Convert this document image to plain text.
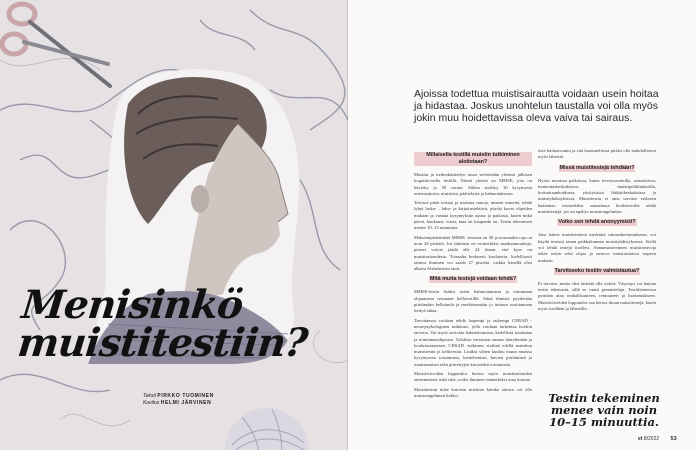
Menisinkö
muistitestiin?
Teksti PIRKKO TUOMINEN
Kuvitus HELMI JÄRVINEN
Ajoissa todettua muistisairautta voidaan usein hoitaa ja hidastaa. Joskus unohtelun taustalla voi olla myös jokin muu hoidettavissa oleva vaiva tai sairaus.
Millaisella testillä muistin tutkiminen aloitetaan?

Muistin ja tiedonkäsittelyn tasoa selvitetään yleensä julkisen kognitiivisella testillä. Näistä yleisin on MMSE, jota on käytetty jo 50 vuotta. Siihen sisältyy 30 kysymystä orientaatiosta, muistista, päättelystä ja hahmotuksesta.

Testissä pitää toistaa ja muistaa sanoja, nimetä esineitä, tehdä lyhyt lasku- , luku- ja kirjoitustehtävä, piirtää kuvio ohjeiden mukaan ja vastata kysymyksiin ajasta ja paikasta, kuten mikä päivä, kuukausi, vuosi, maa tai kaupunki on. Testin tekeminen menee 10–15 minuuttia.

Maksimipistemäärä MMSE -testissä on 30 ja normaalin raja on noin 24 pistettä. Jos ihminen on esimerkiksi maahanmuuttaja, pisteet voivat jäädä alle 24 ilman, että kyse on muistisairaudesta. Toisaalta korkeasti koulutettu, kielellisesti taitava ihminen voi saada 27 pistettä, vaikka hänellä olisi alkava Alzheimerin tauti.

Mitä muita testejä voidaan tehdä?

MMSE-testin lisäksi usein hahmottamista ja toiminnan ohjaamista testataan kellotestillä. Siinä ihmisiä pyydetään piirtämään kellotaulu ja merkitsemään jo tuttuun osoittamaan tiettyä aikaa.

Tarvittaessa voidaan tehdä laajempi ja tarkempi CERAD -neuropsykologinen tutkimus, jolla voidaan tarkentaa hoidon tarvetta. Voi myös arvioida hahmottamista, kielellistä toimintaa ja toiminnanohjausta. Tuloksia verrataan omaan ikäryhmään ja koulutustaustaan. CERAD -tutkimus sisältää edellä mainitun muistitestin ja kellotestin. Lisäksi siihen kuuluu muun muassa kysymysten toistamista, luettelemista, kuvien piirtämistä ja tunnistamista sekä piirrettyjen kuvioiden toistamista.

Muistiviivoiden lopputulos kertoo myös muistisairauden etenemisestä sekä siitä, voiko ihminen esimerkiksi asua kotona.

Muistitestiin tulee kotoisin miettien kuinka taitava voi olla muistiongelmien lisäksi.

tiste haittaavuutta ja sitä haastatellessa pitäisi olla mahdollisesti myös läheistä.

Missä muistitestejä tehdään?

Hyvin monissa paikoissa, kuten terveysasemilla, sairaaloissa, kuntoutuskeskuksissa, muistipoliklinikoilla, kotisairaanhoidossa, yksityisissä lääkärikeskuksissa ja muistiyhdistyksissä. Muistitestin ei aina tarvitse erikseen hakeutua; esimerkiksi sairaalassa hoidettavalle tehdä muistitestejä, jos on epäilys muistiongelmista.

Voiko sen tehdä anonyymisti?

Joist hakea muistitestissä merkintä sairauskertomukseen, voi käydä testissä oman paikkakunnan muistiyhdistyksessä. Siellä voi tehdä testejä itsellesi. Annamuistenimen muistineuvoja tekee testin sekä ohjaa ja neuvoo muistiasioissa tarpeen mukaan.

Tarvitseeko testiin valmistautua?

Ei tarvitse, mutta olisi tärkeää olla virkeä. Väsymys voi haitata testin tekemistä, sillä se vaatii ponnisteluja. Testitilanteessa pyritään aina rauhallisuuteen, rentouteen ja luottamukseen. Muistiviiveiden lopputulos saa kertoa ilman muistitestejä, kuten myös itsellään ja läheisille.

Testin tekeminen menee vain noin 10–15 minuuttia.
et 8/2022 53
